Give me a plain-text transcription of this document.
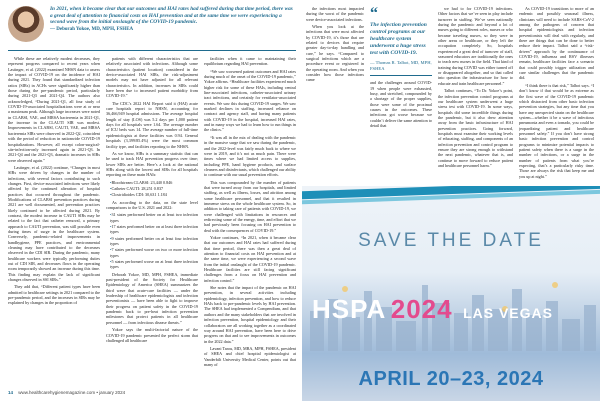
In 2021, when it became clear that our outcomes and HAI rates had suffered during that time period, there was a great deal of attention to financial costs on HAI prevention and at the same time we were experiencing a second wave from the initial onslaught of the COVID-19 pandemic.
— Deborah Yokoe, MD, MPH, FSHEA

While these are relatively modest decreases, they represent progress compared to recent years when Lastinger, et al. (2022) examined NHSN data to assess the impact of COVID-19 on the incidence of HAI during 2021. They found that standardized infection ratios (SIRs) in ACHs were significantly higher than those during the pre-pandemic period, particularly during 2021-Q3 and 2021-Q4. The authors also acknowledged, “During 2021-Q1, all four study of COVID-19-associated hospitalizations were at or near a maximum peak. Although large increases were noted in CLABSI, VAE, and MRSA bacteremia in 2021-Q1, the increase in the CLAUTI SIR was modest. Improvements in CLABSI, CAUTI, VAE, and MRSA bacteremia SIRs were observed in 2022-Q2, coincident with the period of reduction in nationwide COVID-19 hospitalizations. However, all except colon-surgical-site-infection-only increased again in 2021-Q3. In 2021-Q4 and the 2021-Q3, dramatic increases in SIRs were observed again.”

Lastinger, et al. (2022) continue, “Changes in most SIRs were driven by changes in the number of infections, with several factors contributing to such changes. First, device-associated infections were likely affected by the continued alteration of hospital practices that occurred throughout the pandemic. Modifications of CLABSI prevention practices during 2021 are well documented, and prevention practices likely continued to be affected during 2021. By contrast, the modest increase in CAUTI SIRs may be related to the fact that catheter removal, a primary approach to CAUTI prevention, was still possible even during times of surge in the healthcare system. Conversely, pandemic-related improvements in handhygiene, PPE practices, and environmental cleaning may have contributed to the decreases observed in the CDI SIR. During the pandemic, many healthcare workers were typically performing duties out of CDI SIR, and decreases flows in the operating room temporarily showed an increase during this time. This finding may explain the lack of significant changes observed in SSI SIRs.”

They add that, “Different patient types have been admitted to healthcare settings in 2021 compared to the pre-pandemic period, and the increases in SIRs may be explained by changes in the proportion of

patients with different characteristics that are relatively associated with infections. Although some characteristics (patient location) considered in the device-associated HAI SIRs, the risk-adjustment models may not have adjusted for all relevant characteristics. In addition, increases in SIRs could have been due to increased patient morbidity from COVID-19.”

The CDC’s 2022 HAI Report said it (HAI) acute care hospitals report to NHSN, accounting for 36,466,949 hospital admissions. The average hospital length of stay (LOS) was 5.2 days per 1,000 patient days for all hospitals were 1.64. The average number of ICU beds was 14. The average number of full-time epidemiologists at these facilities was 0.94. General hospitals (3,399/85.4%) were the most common facility type, and facilities reporting to the NHSN.

As we know, SIRs is a summary statistic that can be used to track HAI prevention progress over time; lower SIRs are better. Here’s a look at the national SIRs along with the lowest and SIRs for all hospitals reporting on these main HAIs:

• Bloodstream CLABSI: 23,440 0.846
• Catheter CAUTI: 28,251 0.837
• Clostridioides CDI: 30,631 1.184

As according to the data, on the state level comparisons to the U.S. 2021 and 2022:

• 31 states performed better on at least two infection types
• 17 states performed better on at least three infection types
• 9 states performed better on at least four infection types
• 7 states performed worse on two or more infection types
• 5 states performed worse on at least three infection types

Deborah Yokoe, MD, MPH, FSHEA, immediate past-president of the Society for Healthcare Epidemiology of America (SHEA) summarizes the third wave that acute-care facilities — under the leadership of healthcare epidemiologists and infection preventionists — have been able to fight to improve their progress on patient safety in the COVID-19 pandemic back to pre-heat infection prevention milestones that protect patients in all healthcare personnel — from infectious disease threats.”

Yokoe says the multi-factorial nature of the COVID-19 pandemic presented the perfect storm that challenged all healthcare

facilities when it came to maintaining their equilibrium regarding HAI prevention.

“We saw worsened patient outcomes and HAI rates during much of the onset of the COVID-19 pandemic,” Yokoe affirms. “Healthcare facilities experienced much higher risk for some of these HAIs, including central line-associated infections, catheter-associated urinary tract infections, and certainly for ventilator-associated events. We saw this during COVID-19 surges. We saw marked declines in staffing, increased reliance on contract and agency staff, and having many patients with COVID-19 in the hospital, increased HAI rates, and in many ways we had to learn how to run things in the clinics.”

“It was all in the mix of dealing with the pandemic in the massive surge that we saw during the pandemic, and the 2022-level was fairly much back to where we were in 2019, and it’s not as much pain. There were times where we had limited access to supplies, including PPE, hand hygiene products, and surface cleaners and disinfectants, which challenged our ability to continue with our usual prevention efforts.

This was compounded by the number of patients that were turned away from our hospitals, and limited staffing, as well as illness, losses, and attrition among some healthcare personnel, and that it resulted in immense stress on the whole healthcare system. So, in addition to taking care of patients with COVID-19, we were challenged with limitations in resources and redirecting some of the energy, time, and effort that we had previously been focusing on HAI prevention to deal with the consequences of COVID-19.”

Yokoe continues, “In 2021, when it became clear that our outcomes and HAI rates had suffered during that time period, there was then a great deal of attention to financial costs on HAI prevention and at the same time, we were experiencing a second wave from the initial onslaught of the COVID-19 pandemic. Healthcare facilities are still facing significant challenges from a focus on HAI prevention and infection control.”

She notes that the impact of the pandemic on HAI prevention, in several activities including epidemiology, infection prevention, and how to reduce HAIs back to pre-pandemic levels by HAI prevention. The SHEA had implemented a Compendium, and that authors and the many stakeholders that are involved in infection prevention, hospital epidemiology and their collaborators are all working together as a coordinated way around HAI prevention, have been here to drive progress on that and to see improvements in outcomes in the 2022 data.”

Lavani Tarou, MD, MBA, MPH, FSHEA, president of SHEA and chief hospital epidemiologist at Vanderbilt University Medical Center, points out that many of

14 www.healthcarehygienemagazine.com • january 2024

the infections most impacted during the worst of the pandemic were device-associated infections.

When you look at the infections that were most affected by COVID-19, it’s those that are related to devices that require greater day-to-day handling and care,” he says. “Compared to surgical infections which are a procedure event or registered in the operating room. And when you consider how those infections came

“
The infection prevention control programs at our healthcare system underwent a huge stress test with COVID-19.
— Thomas R. Talbot, MD, MPH, FSHEA
and the challenges around COVID-19 when people were exhausted, busy, and stretched, compounded by a shortage of the proper supplies, those were some of the proximal causes in the outcomes. These infections got worse because we couldn’t deliver the same attention to detail that

we had to for COVID-19 infections. Other factors that we’ve seen in play include turnover in staffing. We’ve seen nationally during the pandemic and beyond a lot of nurses going to different roles, nurses or who became traveling nurses, so they were in other areas or healthcare, or they left the occupation completely. So, hospitals experienced a great deal of turnover of staff, seasoned educators are traditionally the ones to teach new nurses in the field. That kind of training during COVID was either turned off or disappeared altogether, and so that called into question the infrastructure for how to educate and train healthcare personnel.”

Talbot continues, “To Dr. Yokoe’s point, the infection prevention control programs at our healthcare system underwent a huge stress test with COVID-19. In some ways, hospitals did some incredible things during the pandemic, but it also drew attention away from the basic infrastructure of HAI prevention practices. Going forward, hospitals must examine their working levels of educating, staffing, and components of an infection prevention and control program to ensure they are strong enough to withstand the next pandemic, whatever that is, and continue to move forward to reduce patient and healthcare personnel harm.”

As COVID-19 transitions to more of an endemic and possibly seasonal illness, clinicians will need to include SARS-CoV-2 among the pathogens of concern that hospital epidemiologists and infection preventionists will deal with regularly, and there are things that can be done to better reduce their impact. Talbot said a “risk-driven” approach by the continuance of COVID-19, influenza and RSV illnesses remain, healthcare facilities face a scenario that could possibly trigger utilization and care similar challenges that the pandemic did.

“I think there is that risk,” Talbot says. “I don’t know if that would be as extreme as the first wave of the COVID-19 pandemic which distracted from other basic infection prevention strategies, but any time that you have any unexpected strain on the healthcare system—whether it be a wave of infectious pneumonia and even a tornado, you could be jeopardizing patient and healthcare personnel safety.” If you don’t have strong basic infection prevention and control programs to minimize potential impacts to patient safety when there is a surge in the number of infections, or a surge in the number of patients from what you’re expecting, that’s a particularly risky time. Those are always the risk that keep me and you up at night.”

SAVE THE DATE
HSPA 2024 LAS VEGAS
APRIL 20–23, 2024
